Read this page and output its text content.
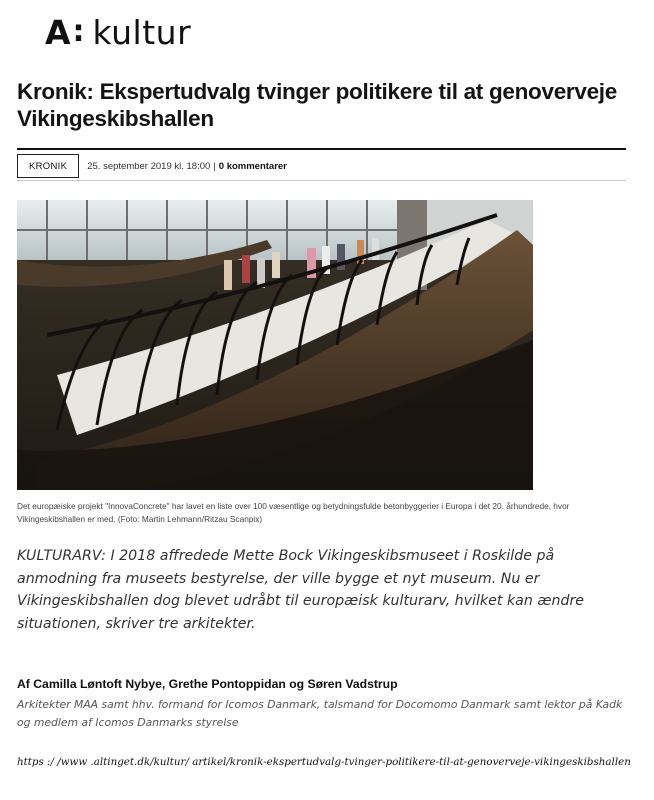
A : kultur
Kronik: Ekspertudvalg tvinger politikere til at genoverveje Vikingeskibshallen
KRONIK	25. september 2019 kl. 18:00 | 0 kommentarer

Det europæiske projekt "InnovaConcrete" har lavet en liste over 100 væsentlige og betydningsfulde betonbyggerier i Europa i det 20. århundrede, hvor Vikingeskibshallen er med. (Foto: Martin Lehmann/Ritzau Scanpix)

KULTURARV: I 2018 affredede Mette Bock Vikingeskibsmuseet i Roskilde på anmodning fra museets bestyrelse, der ville bygge et nyt museum. Nu er Vikingeskibshallen dog blevet udråbt til europæisk kulturarv, hvilket kan ændre situationen, skriver tre arkitekter.

Af Camilla Løntoft Nybye, Grethe Pontoppidan og Søren Vadstrup

Arkitekter MAA samt hhv. formand for Icomos Danmark, talsmand for Docomomo Danmark samt lektor på Kadk og medlem af Icomos Danmarks styrelse

https :/ /www .altinget.dk/kultur/ artikel/kronik-ekspertudvalg-tvinger-politikere-til-at-genoverveje-vikingeskibshallen
